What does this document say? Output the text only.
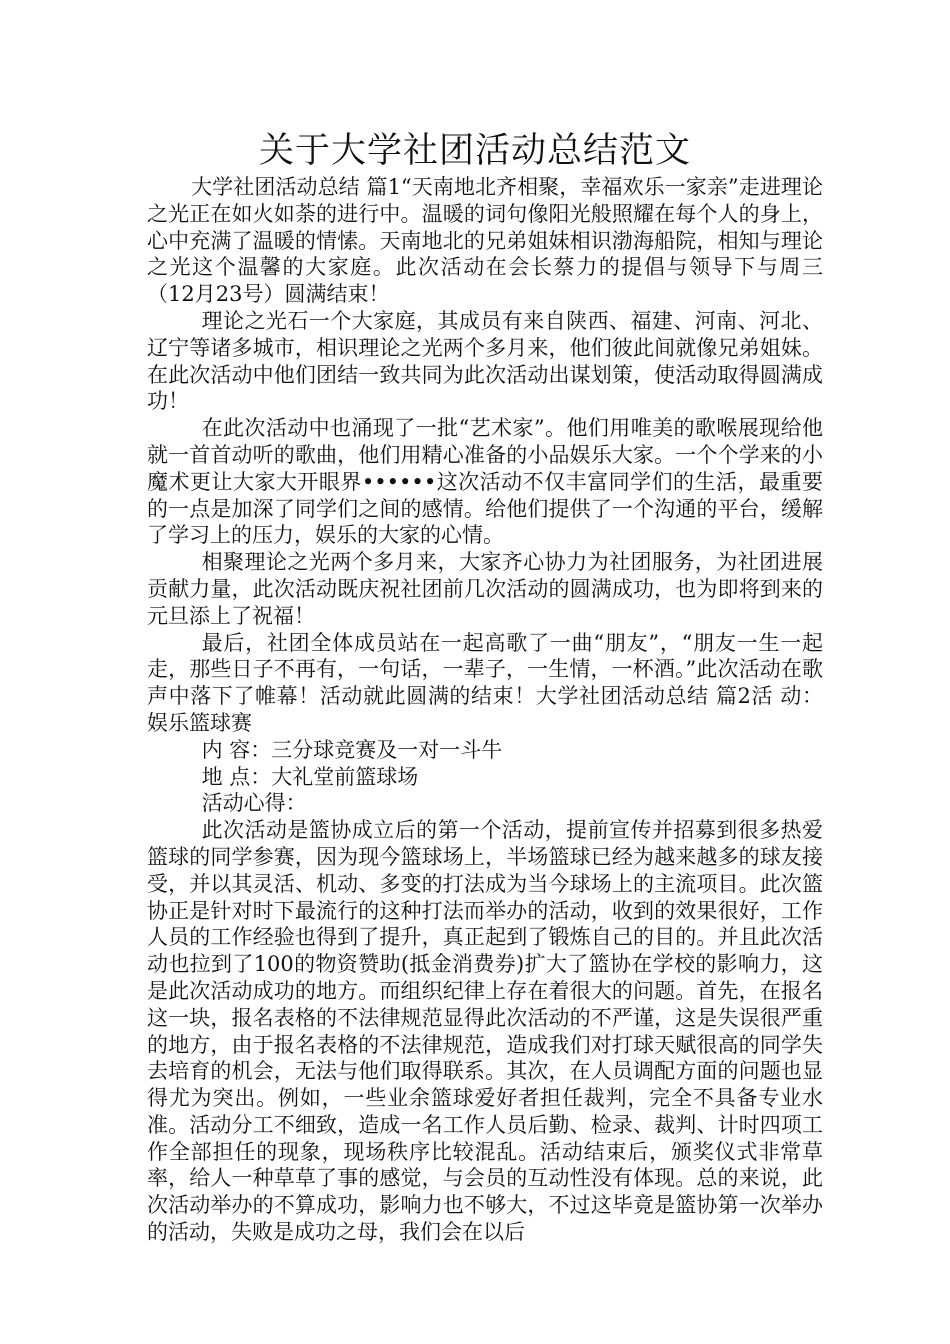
关于大学社团活动总结范文

大学社团活动总结 篇1“天南地北齐相聚，幸福欢乐一家亲”走进理论之光正在如火如荼的进行中。温暖的词句像阳光般照耀在每个人的身上，心中充满了温暖的情愫。天南地北的兄弟姐妹相识渤海船院，相知与理论之光这个温馨的大家庭。此次活动在会长蔡力的提倡与领导下与周三（12月23号）圆满结束！

理论之光石一个大家庭，其成员有来自陕西、福建、河南、河北、辽宁等诸多城市，相识理论之光两个多月来，他们彼此间就像兄弟姐妹。在此次活动中他们团结一致共同为此次活动出谋划策，使活动取得圆满成功！

在此次活动中也涌现了一批“艺术家”。他们用唯美的歌喉展现给他就一首首动听的歌曲，他们用精心准备的小品娱乐大家。一个个学来的小魔术更让大家大开眼界••••••这次活动不仅丰富同学们的生活，最重要的一点是加深了同学们之间的感情。给他们提供了一个沟通的平台，缓解了学习上的压力，娱乐的大家的心情。

相聚理论之光两个多月来，大家齐心协力为社团服务，为社团进展贡献力量，此次活动既庆祝社团前几次活动的圆满成功，也为即将到来的元旦添上了祝福！

最后，社团全体成员站在一起高歌了一曲“朋友”，“朋友一生一起走，那些日子不再有，一句话，一辈子，一生情，一杯酒。”此次活动在歌声中落下了帷幕！活动就此圆满的结束！大学社团活动总结 篇2活 动：娱乐篮球赛

内 容：三分球竞赛及一对一斗牛

地 点：大礼堂前篮球场

活动心得：

此次活动是篮协成立后的第一个活动，提前宣传并招募到很多热爱篮球的同学参赛，因为现今篮球场上，半场篮球已经为越来越多的球友接受，并以其灵活、机动、多变的打法成为当今球场上的主流项目。此次篮协正是针对时下最流行的这种打法而举办的活动，收到的效果很好，工作人员的工作经验也得到了提升，真正起到了锻炼自己的目的。并且此次活动也拉到了100的物资赞助(抵金消费券)扩大了篮协在学校的影响力，这是此次活动成功的地方。而组织纪律上存在着很大的问题。首先，在报名这一块，报名表格的不法律规范显得此次活动的不严谨，这是失误很严重的地方，由于报名表格的不法律规范，造成我们对打球天赋很高的同学失去培育的机会，无法与他们取得联系。其次，在人员调配方面的问题也显得尤为突出。例如，一些业余篮球爱好者担任裁判，完全不具备专业水准。活动分工不细致，造成一名工作人员后勤、检录、裁判、计时四项工作全部担任的现象，现场秩序比较混乱。活动结束后，颁奖仪式非常草率，给人一种草草了事的感觉，与会员的互动性没有体现。总的来说，此次活动举办的不算成功，影响力也不够大，不过这毕竟是篮协第一次举办的活动，失败是成功之母，我们会在以后
